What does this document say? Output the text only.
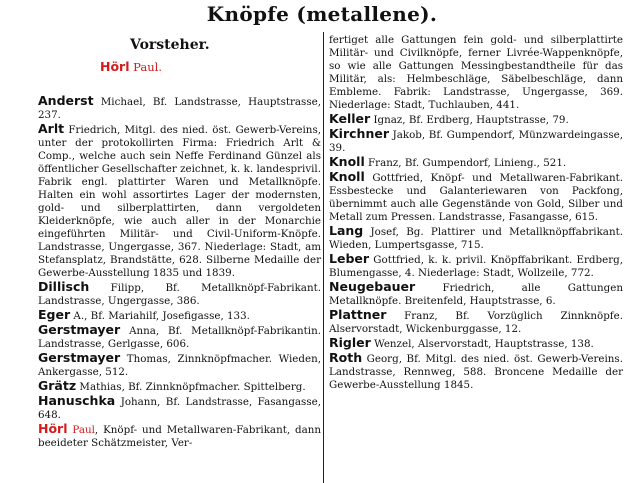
Knöpfe (metallene).
Vorsteher.
Hörl Paul.

Anderst Michael, Bf. Landstrasse, Hauptstrasse, 237.

Arlt Friedrich, Mitgl. des nied. öst. Gewerb-Vereins, unter der protokollirten Firma: Friedrich Arlt & Comp., welche auch sein Neffe Ferdinand Günzel als öffentlicher Gesellschafter zeichnet, k. k. landesprivil. Fabrik engl. plattirter Waren und Metallknöpfe. Halten ein wohl assortirtes Lager der modernsten, gold- und silberplattirten, dann vergoldeten Kleiderknöpfe, wie auch aller in der Monarchie eingeführten Militär- und Civil-Uniform-Knöpfe. Landstrasse, Ungergasse, 367. Niederlage: Stadt, am Stefansplatz, Brandstätte, 628. Silberne Medaille der Gewerbe-Ausstellung 1835 und 1839.

Dillisch Filipp, Bf. Metallknöpf-Fabrikant. Landstrasse, Ungergasse, 386.

Eger A., Bf. Mariahilf, Josefigasse, 133.

Gerstmayer Anna, Bf. Metallknöpf-Fabrikantin. Landstrasse, Gerlgasse, 606.

Gerstmayer Thomas, Zinnknöpfmacher. Wieden, Ankergasse, 512.

Grätz Mathias, Bf. Zinnknöpfmacher. Spittelberg.

Hanuschka Johann, Bf. Landstrasse, Fasangasse, 648.

Hörl Paul, Knöpf- und Metallwaren-Fabrikant, dann beeideter Schätzmeister, Ver-

fertiget alle Gattungen fein gold- und silberplattirte Militär- und Civilknöpfe, ferner Livrée-Wappenknöpfe, so wie alle Gattungen Messingbestandtheile für das Militär, als: Helmbeschläge, Säbelbeschläge, dann Embleme. Fabrik: Landstrasse, Ungergasse, 369. Niederlage: Stadt, Tuchlauben, 441.

Keller Ignaz, Bf. Erdberg, Hauptstrasse, 79.

Kirchner Jakob, Bf. Gumpendorf, Münzwardeingasse, 39.

Knoll Franz, Bf. Gumpendorf, Linieng., 521.

Knoll Gottfried, Knöpf- und Metallwaren-Fabrikant. Essbestecke und Galanteriewaren von Packfong, übernimmt auch alle Gegenstände von Gold, Silber und Metall zum Pressen. Landstrasse, Fasangasse, 615.

Lang Josef, Bg. Plattirer und Metallknöpffabrikant. Wieden, Lumpertsgasse, 715.

Leber Gottfried, k. k. privil. Knöpffabrikant. Erdberg, Blumengasse, 4. Niederlage: Stadt, Wollzeile, 772.

Neugebauer	Friedrich, alle Gattungen Metallknöpfe. Breitenfeld, Hauptstrasse, 6.

Plattner Franz, Bf. Vorzüglich Zinnknöpfe. Alservorstadt, Wickenburggasse, 12.

Rigler Wenzel, Alservorstadt, Hauptstrasse, 138.

Roth Georg, Bf. Mitgl. des nied. öst. Gewerb-Vereins. Landstrasse, Rennweg, 588. Broncene Medaille der Gewerbe-Ausstellung 1845.
